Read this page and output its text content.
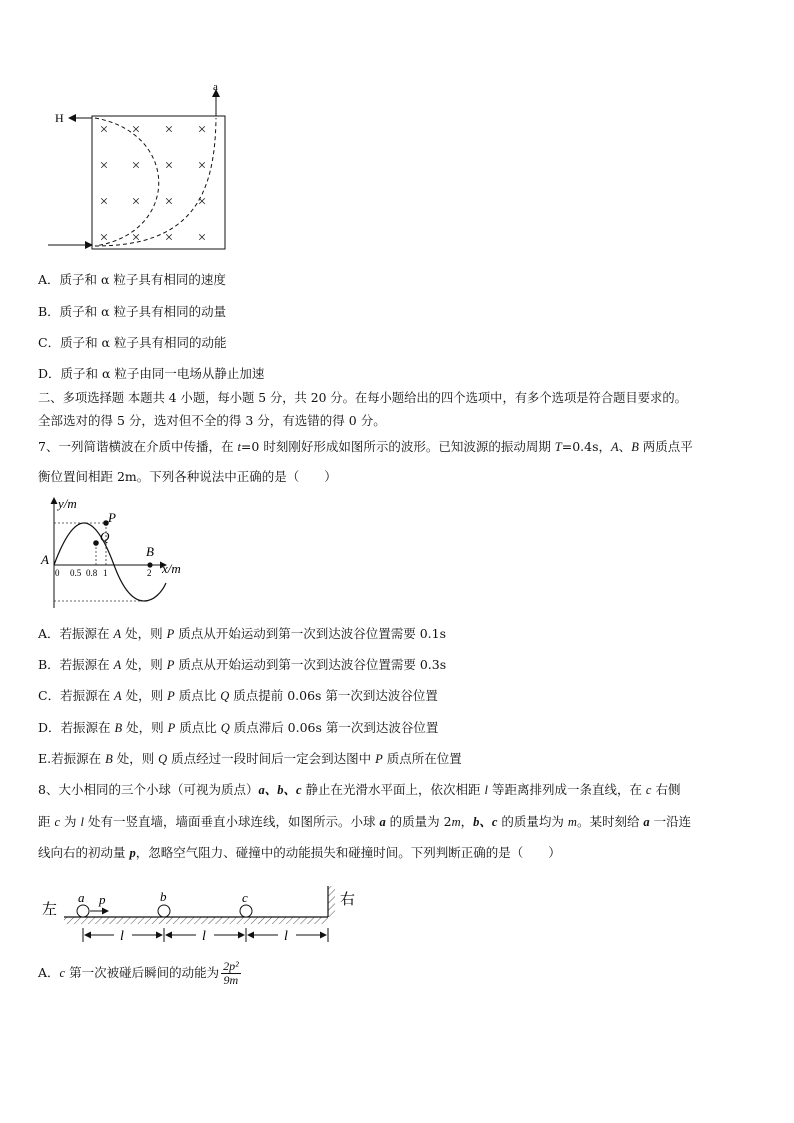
× × × ×
× × × ×
× × × ×
× × × ×
a
H
A．质子和 α 粒子具有相同的速度
B．质子和 α 粒子具有相同的动量
C．质子和 α 粒子具有相同的动能
D．质子和 α 粒子由同一电场从静止加速
二、多项选择题 本题共 4 小题，每小题 5 分，共 20 分。在每小题给出的四个选项中，有多个选项是符合题目要求的。
全部选对的得 5 分，选对但不全的得 3 分，有选错的得 0 分。
7、一列简谐横波在介质中传播，在 t=0 时刻刚好形成如图所示的波形。已知波源的振动周期 T=0.4s，A、B 两质点平
衡位置间相距 2m。下列各种说法中正确的是（　　）
y/m
x/m
P
Q
A
B
0 0.5 0.8 1	2
A．若振源在 A 处，则 P 质点从开始运动到第一次到达波谷位置需要 0.1s
B．若振源在 A 处，则 P 质点从开始运动到第一次到达波谷位置需要 0.3s
C．若振源在 A 处，则 P 质点比 Q 质点提前 0.06s 第一次到达波谷位置
D．若振源在 B 处，则 P 质点比 Q 质点滞后 0.06s 第一次到达波谷位置
E.若振源在 B 处，则 Q 质点经过一段时间后一定会到达图中 P 质点所在位置
8、大小相同的三个小球（可视为质点）a、b、c 静止在光滑水平面上，依次相距 l 等距离排列成一条直线，在 c 右侧
距 c 为 l 处有一竖直墙，墙面垂直小球连线，如图所示。小球 a 的质量为 2m，b、c 的质量均为 m。某时刻给 a 一沿连
线向右的初动量 p，忽略空气阻力、碰撞中的动能损失和碰撞时间。下列判断正确的是（　　）
左
右
a p	b	c
l	l	l
A．c 第一次被碰后瞬间的动能为 $\frac{\text{2p²}}{9m}$
